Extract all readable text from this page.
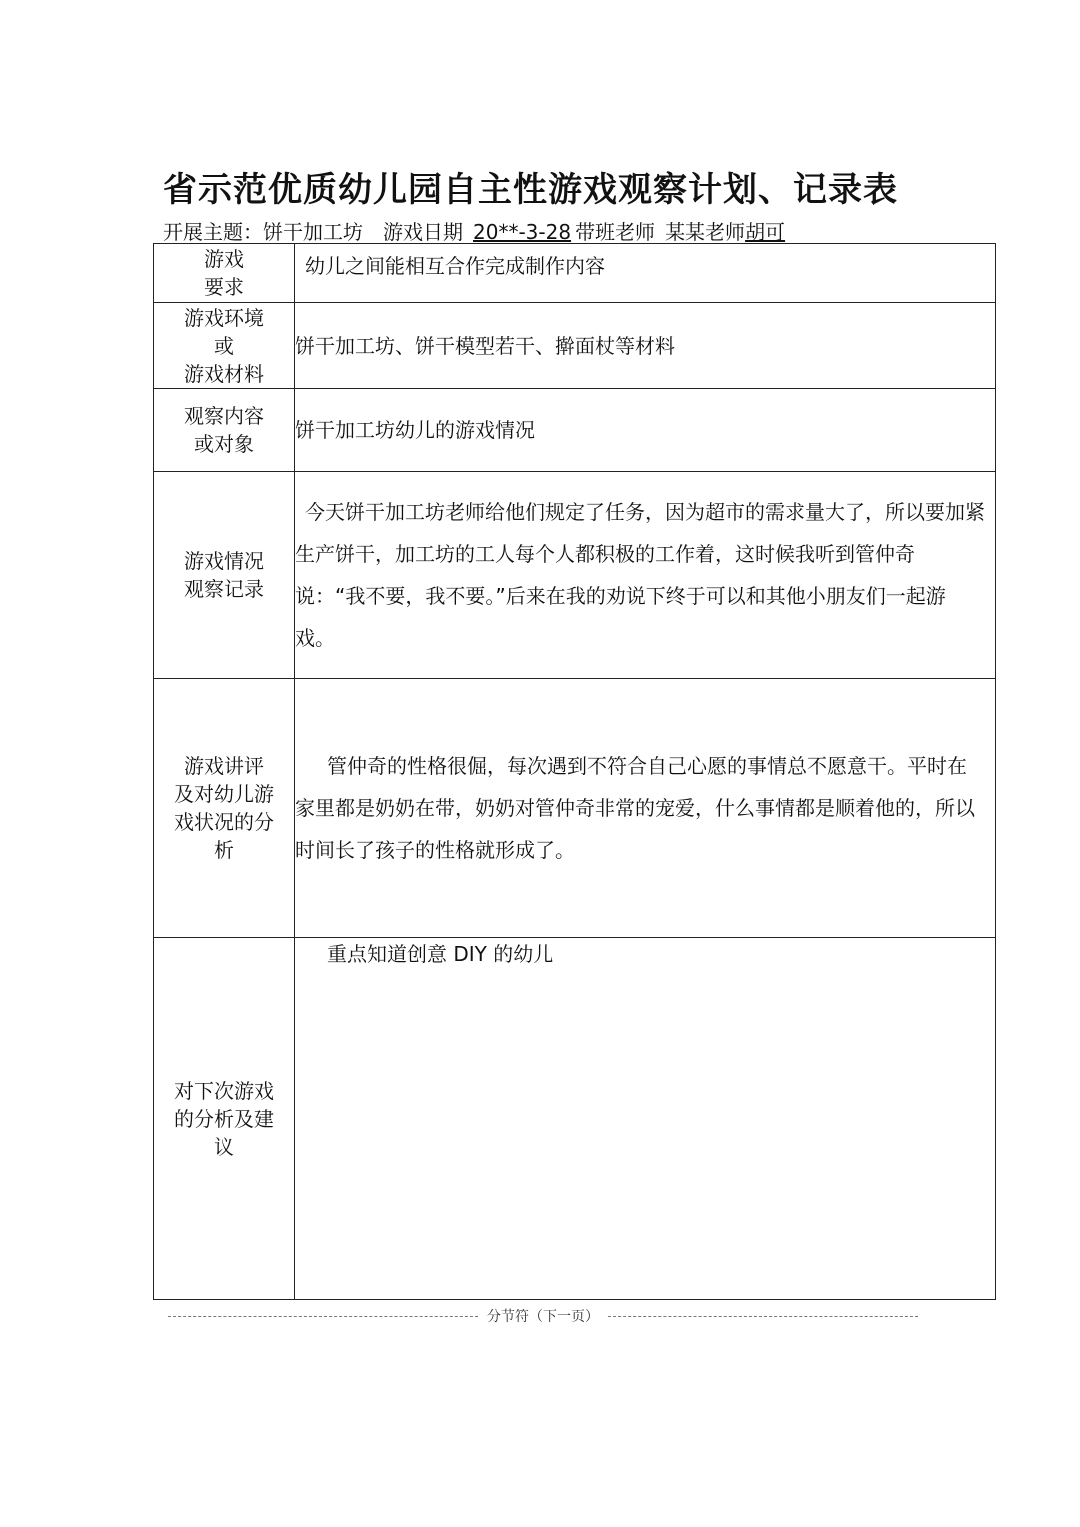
省示范优质幼儿园自主性游戏观察计划、记录表
开展主题：饼干加工坊 游戏日期 20**-3-28 带班老师 某某老师胡可
游戏
要求	幼儿之间能相互合作完成制作内容

游戏环境
或
游戏材料	饼干加工坊、饼干模型若干、擀面杖等材料

观察内容
或对象	饼干加工坊幼儿的游戏情况

游戏情况
观察记录	今天饼干加工坊老师给他们规定了任务，因为超市的需求量大了，所以要加紧生产饼干，加工坊的工人每个人都积极的工作着，这时候我听到管仲奇说：“我不要，我不要。”后来在我的劝说下终于可以和其他小朋友们一起游戏。

游戏讲评
及对幼儿游
戏状况的分
析	管仲奇的性格很倔，每次遇到不符合自己心愿的事情总不愿意干。平时在家里都是奶奶在带，奶奶对管仲奇非常的宠爱，什么事情都是顺着他的，所以时间长了孩子的性格就形成了。

对下次游戏
的分析及建
议	重点知道创意 DIY 的幼儿
分节符（下一页）
